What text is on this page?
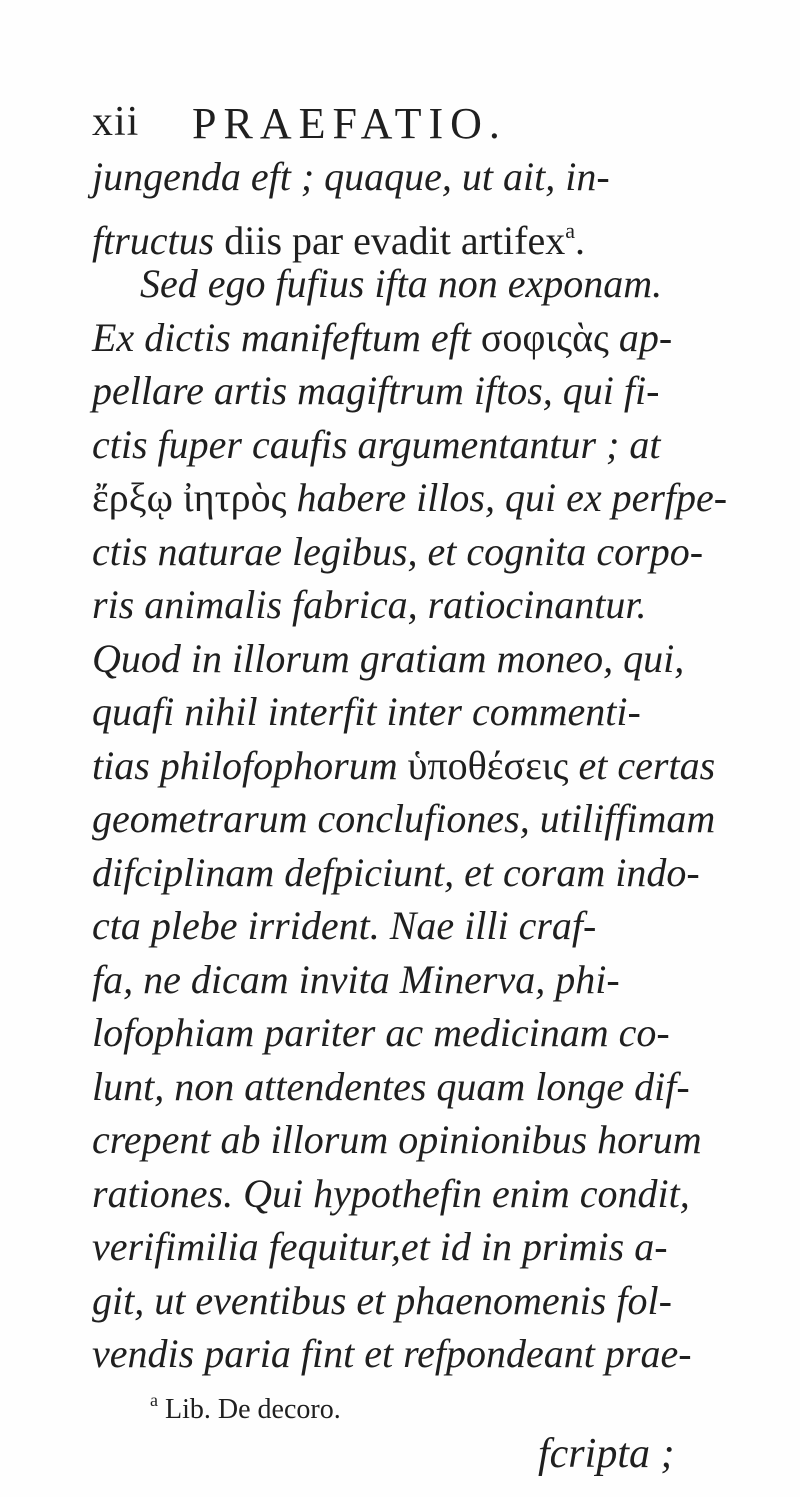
xii PRAEFATIO.
jungenda eft ; quaque, ut ait, in-
ftructus diis par evadit artifex$^a$.
Sed ego fufius ifta non exponam.
Ex dictis manifeftum eft σοφιςὰς ap-
pellare artis magiftrum iftos, qui fi-
ctis fuper caufis argumentantur ; at
ἔρξῳ ἰητρὸς habere illos, qui ex perfpe-
ctis naturae legibus, et cognita corpo-
ris animalis fabrica, ratiocinantur.
Quod in illorum gratiam moneo, qui,
quafi nihil interfit inter commenti-
tias philofophorum ὑποθέσεις et certas
geometrarum conclufiones, utiliffimam
difciplinam defpiciunt, et coram indo-
cta plebe irrident. Nae illi craf-
fa, ne dicam invita Minerva, phi-
lofophiam pariter ac medicinam co-
lunt, non attendentes quam longe dif-
crepent ab illorum opinionibus horum
rationes. Qui hypothefin enim condit,
verifimilia fequitur,et id in primis a-
git, ut eventibus et phaenomenis fol-
vendis paria fint et refpondeant prae-
$^a$ Lib. De decoro.
fcripta ;
